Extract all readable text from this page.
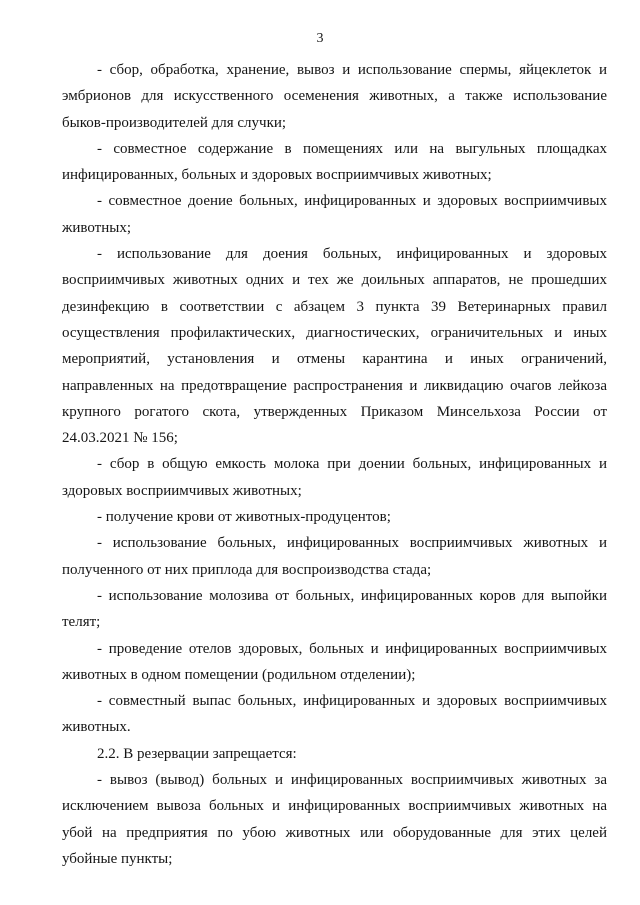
3

- сбор, обработка, хранение, вывоз и использование спермы, яйцеклеток и эмбрионов для искусственного осеменения животных, а также использование быков-производителей для случки;

- совместное содержание в помещениях или на выгульных площадках инфицированных, больных и здоровых восприимчивых животных;

- совместное доение больных, инфицированных и здоровых восприимчивых животных;

- использование для доения больных, инфицированных и здоровых восприимчивых животных одних и тех же доильных аппаратов, не прошедших дезинфекцию в соответствии с абзацем 3 пункта 39 Ветеринарных правил осуществления профилактических, диагностических, ограничительных и иных мероприятий, установления и отмены карантина и иных ограничений, направленных на предотвращение распространения и ликвидацию очагов лейкоза крупного рогатого скота, утвержденных Приказом Минсельхоза России от 24.03.2021 № 156;

- сбор в общую емкость молока при доении больных, инфицированных и здоровых восприимчивых животных;

- получение крови от животных-продуцентов;

- использование больных, инфицированных восприимчивых животных и полученного от них приплода для воспроизводства стада;

- использование молозива от больных, инфицированных коров для выпойки телят;

- проведение отелов здоровых, больных и инфицированных восприимчивых животных в одном помещении (родильном отделении);

- совместный выпас больных, инфицированных и здоровых восприимчивых животных.

2.2. В резервации запрещается:

- вывоз (вывод) больных и инфицированных восприимчивых животных за исключением вывоза больных и инфицированных восприимчивых животных на убой на предприятия по убою животных или оборудованные для этих целей убойные пункты;
